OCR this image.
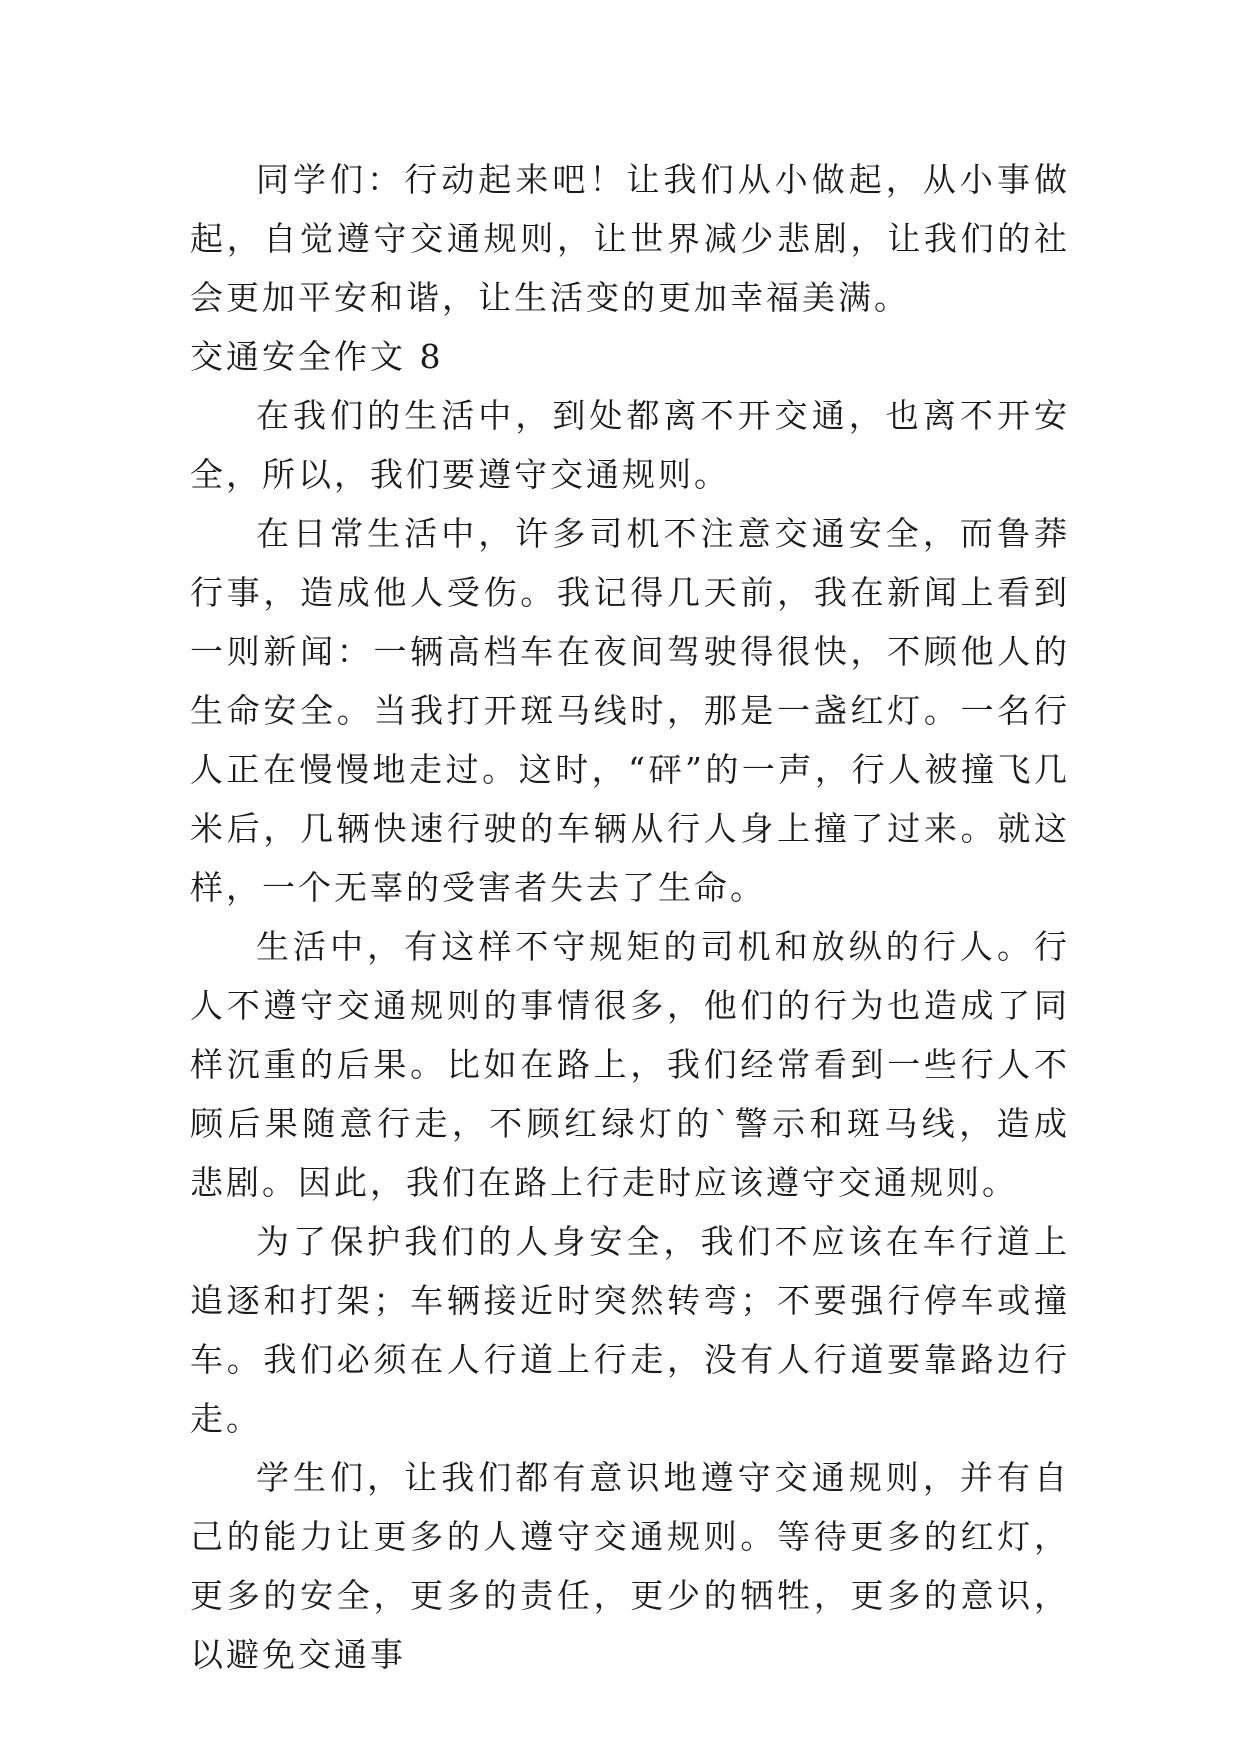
同学们：行动起来吧！让我们从小做起，从小事做起，自觉遵守交通规则，让世界减少悲剧，让我们的社会更加平安和谐，让生活变的更加幸福美满。

交通安全作文 8

在我们的生活中，到处都离不开交通，也离不开安全，所以，我们要遵守交通规则。

在日常生活中，许多司机不注意交通安全，而鲁莽行事，造成他人受伤。我记得几天前，我在新闻上看到一则新闻：一辆高档车在夜间驾驶得很快，不顾他人的生命安全。当我打开斑马线时，那是一盏红灯。一名行人正在慢慢地走过。这时，“砰”的一声，行人被撞飞几米后，几辆快速行驶的车辆从行人身上撞了过来。就这样，一个无辜的受害者失去了生命。

生活中，有这样不守规矩的司机和放纵的行人。行人不遵守交通规则的事情很多，他们的行为也造成了同样沉重的后果。比如在路上，我们经常看到一些行人不顾后果随意行走，不顾红绿灯的`警示和斑马线，造成悲剧。因此，我们在路上行走时应该遵守交通规则。

为了保护我们的人身安全，我们不应该在车行道上追逐和打架；车辆接近时突然转弯；不要强行停车或撞车。我们必须在人行道上行走，没有人行道要靠路边行走。

学生们，让我们都有意识地遵守交通规则，并有自己的能力让更多的人遵守交通规则。等待更多的红灯，更多的安全，更多的责任，更少的牺牲，更多的意识，以避免交通事
